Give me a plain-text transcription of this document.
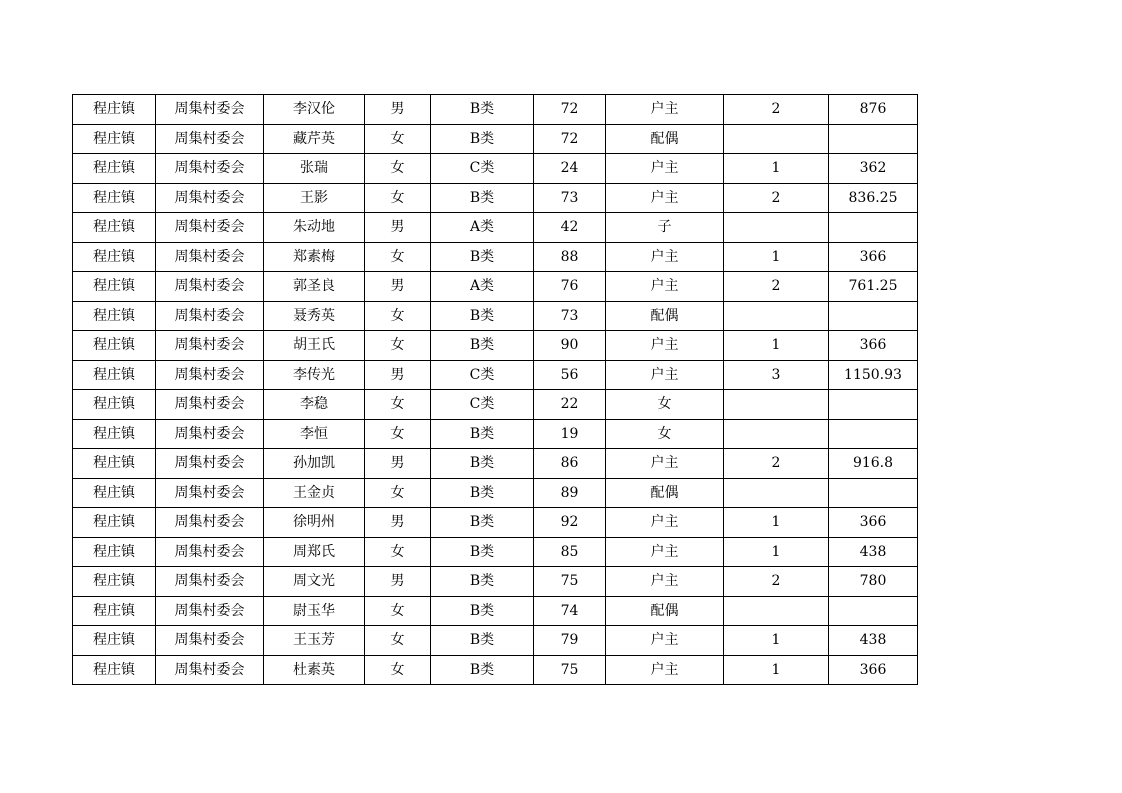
程庄镇	周集村委会	李汉伦	男	B类	72	户主	2	876
程庄镇	周集村委会	藏芹英	女	B类	72	配偶		
程庄镇	周集村委会	张瑞	女	C类	24	户主	1	362
程庄镇	周集村委会	王影	女	B类	73	户主	2	836.25
程庄镇	周集村委会	朱动地	男	A类	42	子		
程庄镇	周集村委会	郑素梅	女	B类	88	户主	1	366
程庄镇	周集村委会	郭圣良	男	A类	76	户主	2	761.25
程庄镇	周集村委会	聂秀英	女	B类	73	配偶		
程庄镇	周集村委会	胡王氏	女	B类	90	户主	1	366
程庄镇	周集村委会	李传光	男	C类	56	户主	3	1150.93
程庄镇	周集村委会	李稳	女	C类	22	女		
程庄镇	周集村委会	李恒	女	B类	19	女		
程庄镇	周集村委会	孙加凯	男	B类	86	户主	2	916.8
程庄镇	周集村委会	王金贞	女	B类	89	配偶		
程庄镇	周集村委会	徐明州	男	B类	92	户主	1	366
程庄镇	周集村委会	周郑氏	女	B类	85	户主	1	438
程庄镇	周集村委会	周文光	男	B类	75	户主	2	780
程庄镇	周集村委会	尉玉华	女	B类	74	配偶		
程庄镇	周集村委会	王玉芳	女	B类	79	户主	1	438
程庄镇	周集村委会	杜素英	女	B类	75	户主	1	366
